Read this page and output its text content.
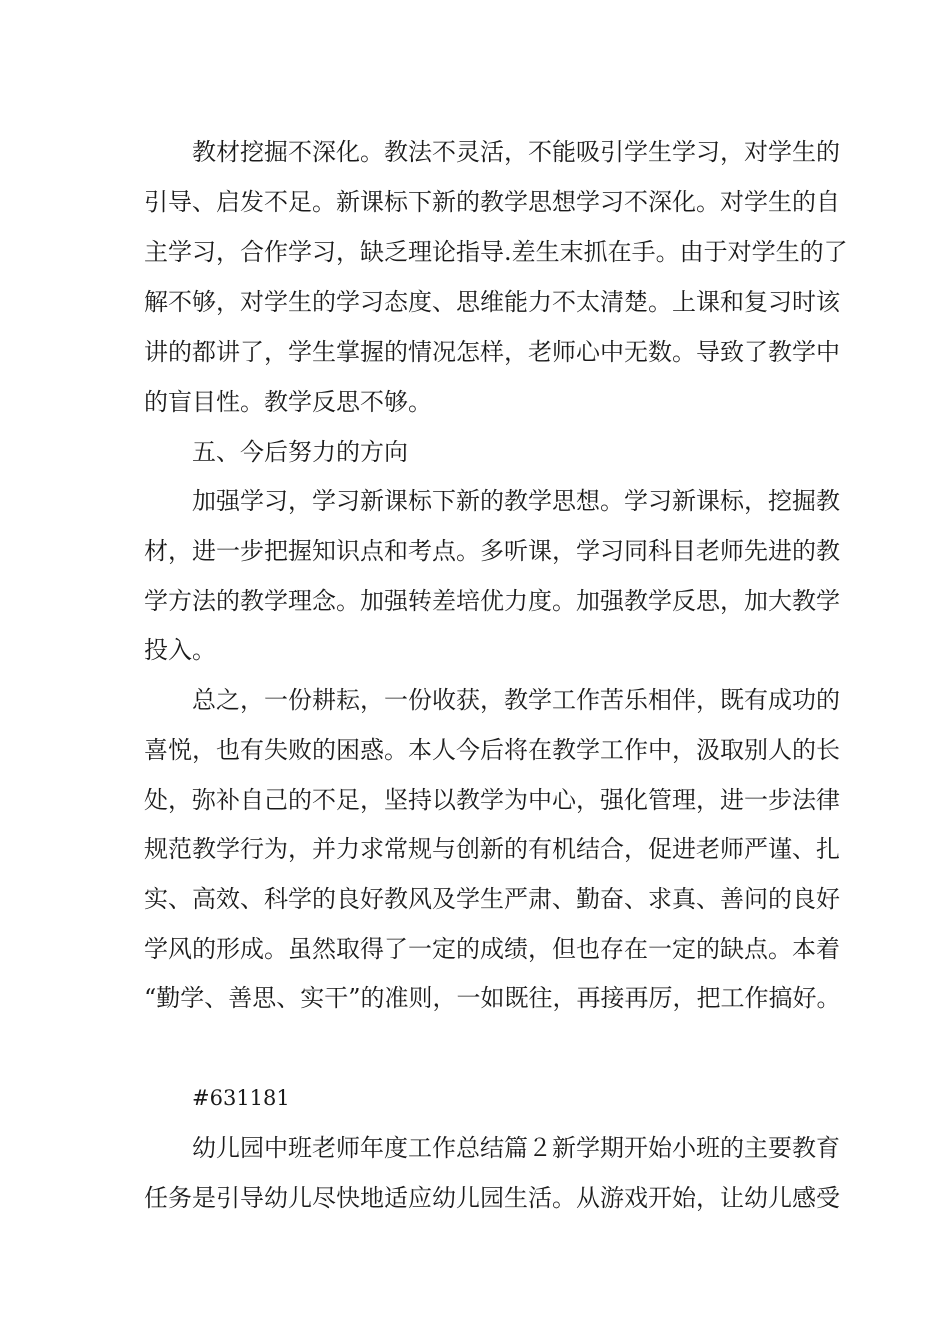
教材挖掘不深化。教法不灵活，不能吸引学生学习，对学生的
引导、启发不足。新课标下新的教学思想学习不深化。对学生的自
主学习，合作学习，缺乏理论指导.差生末抓在手。由于对学生的了
解不够，对学生的学习态度、思维能力不太清楚。上课和复习时该
讲的都讲了，学生掌握的情况怎样，老师心中无数。导致了教学中
的盲目性。教学反思不够。
五、今后努力的方向
加强学习，学习新课标下新的教学思想。学习新课标，挖掘教
材，进一步把握知识点和考点。多听课，学习同科目老师先进的教
学方法的教学理念。加强转差培优力度。加强教学反思，加大教学
投入。
总之，一份耕耘，一份收获，教学工作苦乐相伴，既有成功的
喜悦，也有失败的困惑。本人今后将在教学工作中，汲取别人的长
处，弥补自己的不足，坚持以教学为中心，强化管理，进一步法律
规范教学行为，并力求常规与创新的有机结合，促进老师严谨、扎
实、高效、科学的良好教风及学生严肃、勤奋、求真、善问的良好
学风的形成。虽然取得了一定的成绩，但也存在一定的缺点。本着
“勤学、善思、实干”的准则，一如既往，再接再厉，把工作搞好。
#631181
幼儿园中班老师年度工作总结篇２新学期开始小班的主要教育
任务是引导幼儿尽快地适应幼儿园生活。从游戏开始，让幼儿感受
